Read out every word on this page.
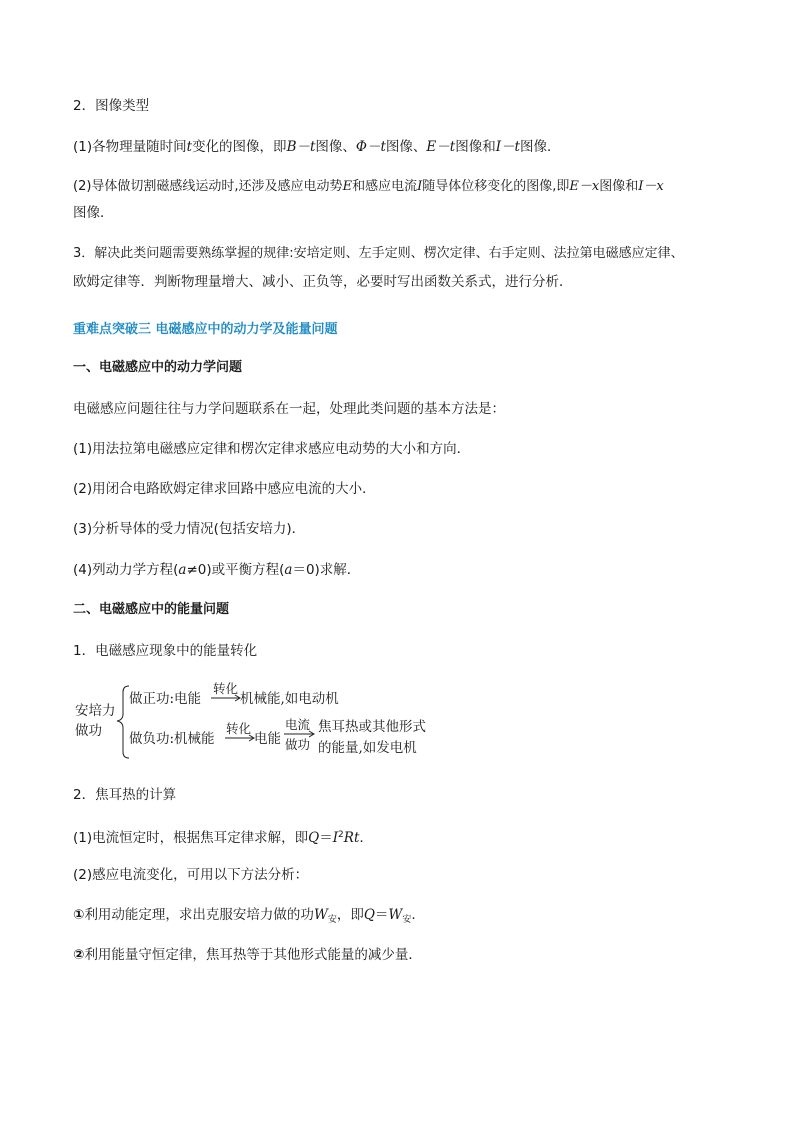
2．图像类型
(1)各物理量随时间t变化的图像，即B－t图像、Φ－t图像、E－t图像和I－t图像．
(2)导体做切割磁感线运动时,还涉及感应电动势E和感应电流I随导体位移变化的图像,即E－x图像和I－x
图像．
3．解决此类问题需要熟练掌握的规律:安培定则、左手定则、楞次定律、右手定则、法拉第电磁感应定律、
欧姆定律等．判断物理量增大、减小、正负等，必要时写出函数关系式，进行分析．
重难点突破三 电磁感应中的动力学及能量问题
一、电磁感应中的动力学问题
电磁感应问题往往与力学问题联系在一起，处理此类问题的基本方法是：
(1)用法拉第电磁感应定律和楞次定律求感应电动势的大小和方向．
(2)用闭合电路欧姆定律求回路中感应电流的大小．
(3)分析导体的受力情况(包括安培力)．
(4)列动力学方程(a≠0)或平衡方程(a＝0)求解．
二、电磁感应中的能量问题
1．电磁感应现象中的能量转化
安培力
做功
做正功:电能
转化
机械能,如电动机
做负功:机械能
转化
电能
电流
做功
焦耳热或其他形式
的能量,如发电机
2．焦耳热的计算
(1)电流恒定时，根据焦耳定律求解，即$Q=I^2Rt$.
(2)感应电流变化，可用以下方法分析：
①利用动能定理，求出克服安培力做的功$W_安$，即$Q=W_安$.
②利用能量守恒定律，焦耳热等于其他形式能量的减少量．
